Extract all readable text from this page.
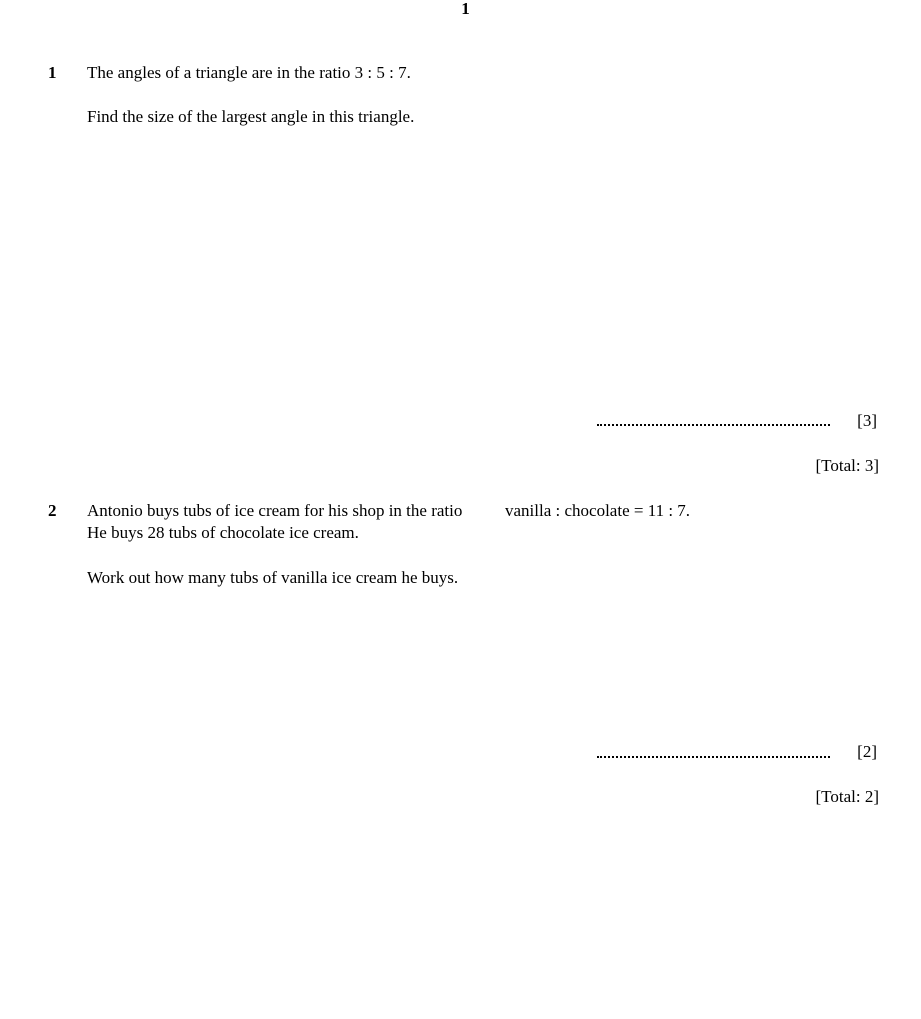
1
1 The angles of a triangle are in the ratio 3 : 5 : 7.
Find the size of the largest angle in this triangle.
[3]
[Total: 3]
2 Antonio buys tubs of ice cream for his shop in the ratio	vanilla : chocolate = 11 : 7.
He buys 28 tubs of chocolate ice cream.
Work out how many tubs of vanilla ice cream he buys.
[2]
[Total: 2]
